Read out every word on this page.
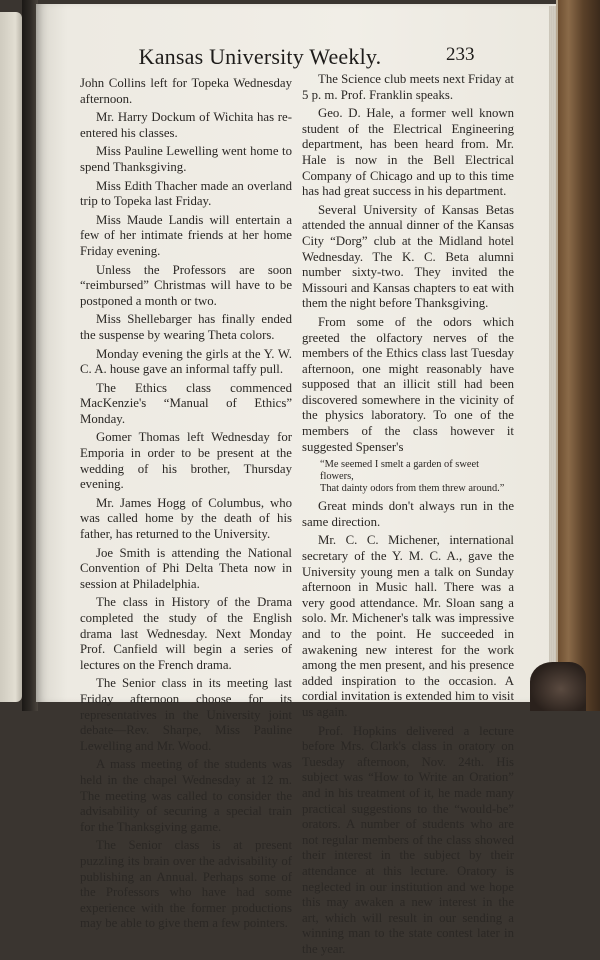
Kansas University Weekly.	233

John Collins left for Topeka Wednesday afternoon.

Mr. Harry Dockum of Wichita has re-entered his classes.

Miss Pauline Lewelling went home to spend Thanksgiving.

Miss Edith Thacher made an overland trip to Topeka last Friday.

Miss Maude Landis will entertain a few of her intimate friends at her home Friday evening.

Unless the Professors are soon “reimbursed” Christmas will have to be postponed a month or two.

Miss Shellebarger has finally ended the suspense by wearing Theta colors.

Monday evening the girls at the Y. W. C. A. house gave an informal taffy pull.

The Ethics class commenced MacKenzie's “Manual of Ethics” Monday.

Gomer Thomas left Wednesday for Emporia in order to be present at the wedding of his brother, Thursday evening.

Mr. James Hogg of Columbus, who was called home by the death of his father, has returned to the University.

Joe Smith is attending the National Convention of Phi Delta Theta now in session at Philadelphia.

The class in History of the Drama completed the study of the English drama last Wednesday. Next Monday Prof. Canfield will begin a series of lectures on the French drama.

The Senior class in its meeting last Friday afternoon choose for its representatives in the University joint debate—Rev. Sharpe, Miss Pauline Lewelling and Mr. Wood.

A mass meeting of the students was held in the chapel Wednesday at 12 m. The meeting was called to consider the advisability of securing a special train for the Thanksgiving game.

The Senior class is at present puzzling its brain over the advisability of publishing an Annual. Perhaps some of the Professors who have had some experience with the former productions may be able to give them a few pointers.

The Science club meets next Friday at 5 p. m. Prof. Franklin speaks.

Geo. D. Hale, a former well known student of the Electrical Engineering department, has been heard from. Mr. Hale is now in the Bell Electrical Company of Chicago and up to this time has had great success in his department.

Several University of Kansas Betas attended the annual dinner of the Kansas City “Dorg” club at the Midland hotel Wednesday. The K. C. Beta alumni number sixty-two. They invited the Missouri and Kansas chapters to eat with them the night before Thanksgiving.

From some of the odors which greeted the olfactory nerves of the members of the Ethics class last Tuesday afternoon, one might reasonably have supposed that an illicit still had been discovered somewhere in the vicinity of the physics laboratory. To one of the members of the class however it suggested Spenser's

“Me seemed I smelt a garden of sweet flowers,

That dainty odors from them threw around.”

Great minds don't always run in the same direction.

Mr. C. C. Michener, international secretary of the Y. M. C. A., gave the University young men a talk on Sunday afternoon in Music hall. There was a very good attendance. Mr. Sloan sang a solo. Mr. Michener's talk was impressive and to the point. He succeeded in awakening new interest for the work among the men present, and his presence added inspiration to the occasion. A cordial invitation is extended him to visit us again.

Prof. Hopkins delivered a lecture before Mrs. Clark's class in oratory on Tuesday afternoon, Nov. 24th. His subject was “How to Write an Oration” and in his treatment of it, he made many practical suggestions to the “would-be” orators. A number of students who are not regular members of the class showed their interest in the subject by their attendance at this lecture. Oratory is neglected in our institution and we hope this may awaken a new interest in the art, which will result in our sending a winning man to the state contest later in the year.
